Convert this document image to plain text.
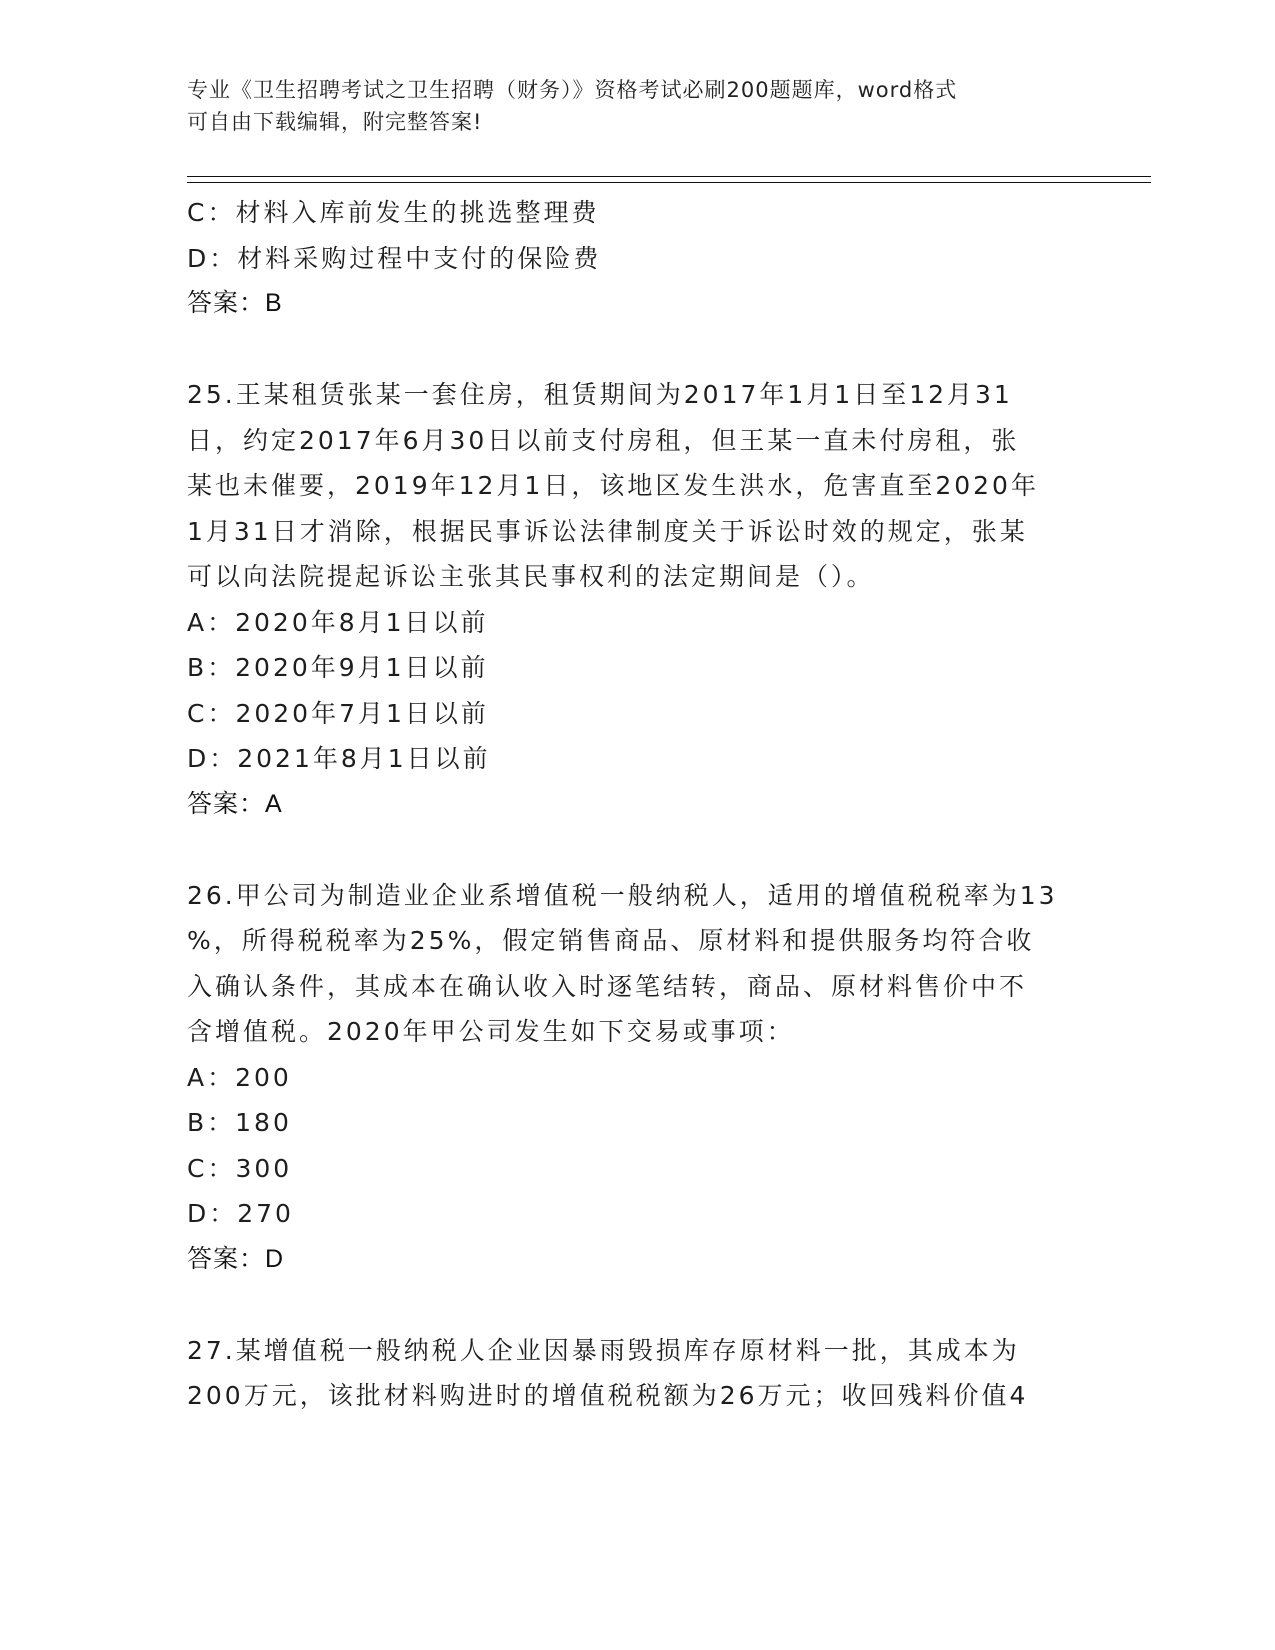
专业《卫生招聘考试之卫生招聘（财务）》资格考试必刷200题题库，word格式
可自由下载编辑，附完整答案!
C：材料入库前发生的挑选整理费
D：材料采购过程中支付的保险费
答案：B
25.王某租赁张某一套住房，租赁期间为2017年1月1日至12月31
日，约定2017年6月30日以前支付房租，但王某一直未付房租，张
某也未催要，2019年12月1日，该地区发生洪水，危害直至2020年
1月31日才消除，根据民事诉讼法律制度关于诉讼时效的规定，张某
可以向法院提起诉讼主张其民事权利的法定期间是（）。
A：2020年8月1日以前
B：2020年9月1日以前
C：2020年7月1日以前
D：2021年8月1日以前
答案：A
26.甲公司为制造业企业系增值税一般纳税人，适用的增值税税率为13
%，所得税税率为25%，假定销售商品、原材料和提供服务均符合收
入确认条件，其成本在确认收入时逐笔结转，商品、原材料售价中不
含增值税。2020年甲公司发生如下交易或事项：
A：200
B：180
C：300
D：270
答案：D
27.某增值税一般纳税人企业因暴雨毁损库存原材料一批，其成本为
200万元，该批材料购进时的增值税税额为26万元；收回残料价值4
